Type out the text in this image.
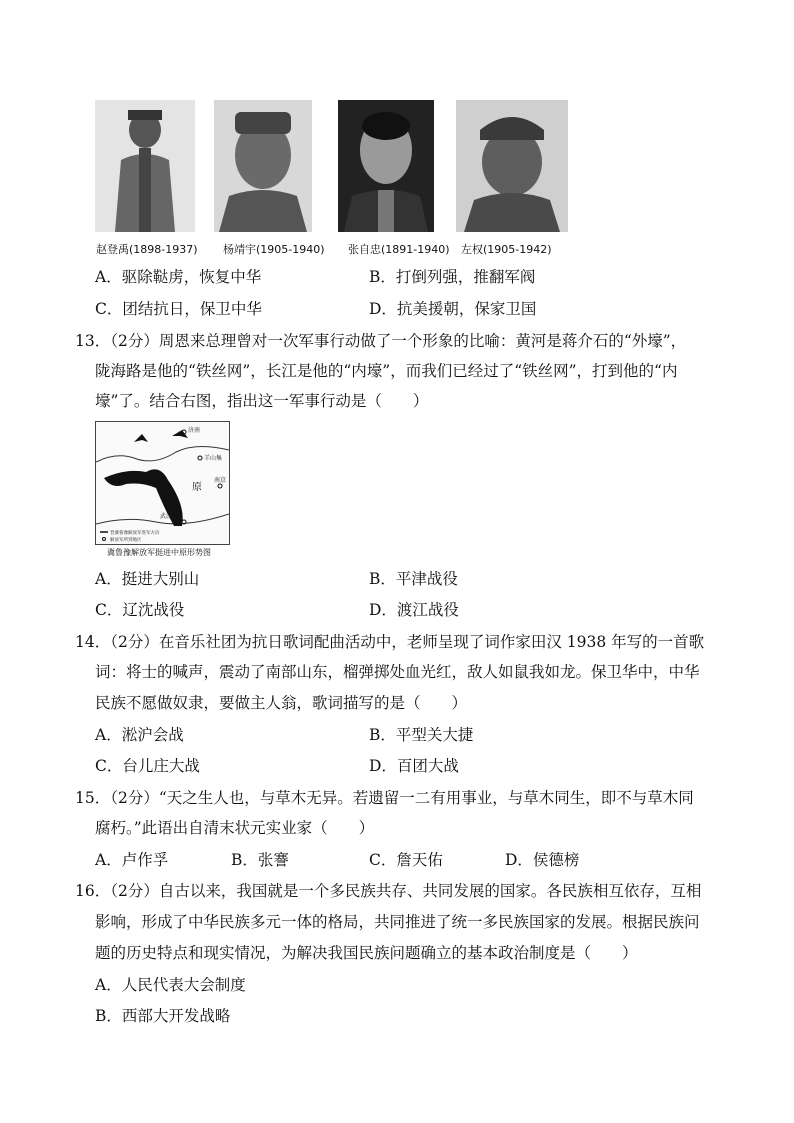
赵登禹(1898-1937) 杨靖宇(1905-1940) 张自忠(1891-1940) 左权(1905-1942)
A．驱除鞑虏，恢复中华	B．打倒列强，推翻军阀
C．团结抗日，保卫中华	D．抗美援朝，保家卫国
13．（2分）周恩来总理曾对一次军事行动做了一个形象的比喻：黄河是蒋介石的“外壕”，
陇海路是他的“铁丝网”，长江是他的“内壕”，而我们已经过了“铁丝网”，打到他的“内
壕”了。结合右图，指出这一军事行动是（　　）
济南
羊山集
中
原
南京
武汉
晋冀鲁豫解放军进军方向
解放军所到地区
冀鲁豫解放军挺进中原形势图
A．挺进大别山	B．平津战役
C．辽沈战役	D．渡江战役
14．（2分）在音乐社团为抗日歌词配曲活动中，老师呈现了词作家田汉 1938 年写的一首歌
词：将士的喊声，震动了南部山东，榴弹掷处血光红，敌人如鼠我如龙。保卫华中，中华
民族不愿做奴隶，要做主人翁，歌词描写的是（　　）
A．淞沪会战	B．平型关大捷
C．台儿庄大战	D．百团大战
15．（2分）“天之生人也，与草木无异。若遗留一二有用事业，与草木同生，即不与草木同
腐朽。”此语出自清末状元实业家（　　）
A．卢作孚	B．张謇	C．詹天佑	D．侯德榜
16．（2分）自古以来，我国就是一个多民族共存、共同发展的国家。各民族相互依存，互相
影响，形成了中华民族多元一体的格局，共同推进了统一多民族国家的发展。根据民族问
题的历史特点和现实情况，为解决我国民族问题确立的基本政治制度是（　　）
A．人民代表大会制度
B．西部大开发战略
